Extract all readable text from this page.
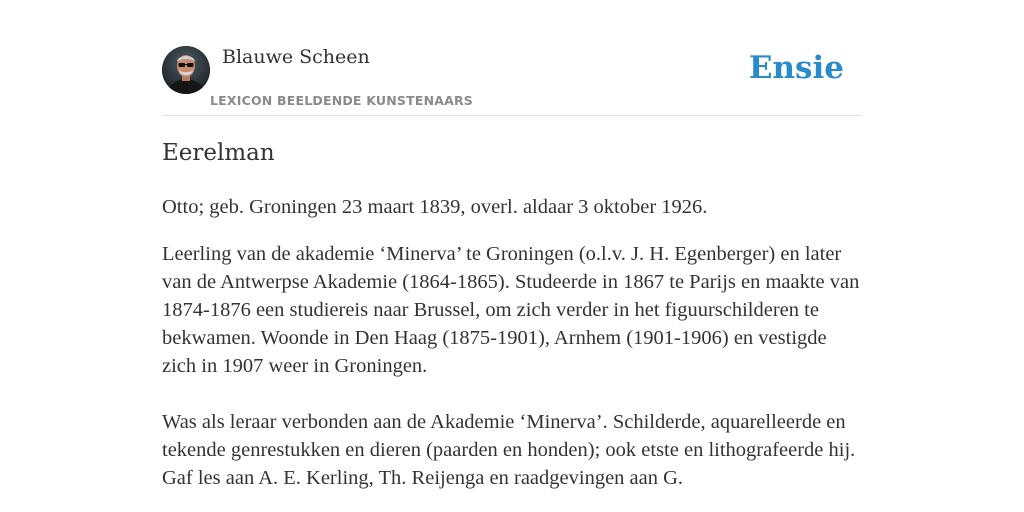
Blauwe Scheen
LEXICON BEELDENDE KUNSTENAARS
Ensie
Eerelman

Otto; geb. Groningen 23 maart 1839, overl. aldaar 3 oktober 1926.

Leerling van de akademie ‘Minerva’ te Groningen (o.l.v. J. H. Egenberger) en later van de Antwerpse Akademie (1864-1865). Studeerde in 1867 te Parijs en maakte van 1874-1876 een studiereis naar Brussel, om zich verder in het figuurschilderen te bekwamen. Woonde in Den Haag (1875-1901), Arnhem (1901-1906) en vestigde zich in 1907 weer in Groningen.

Was als leraar verbonden aan de Akademie ‘Minerva’. Schilderde, aquarelleerde en tekende genrestukken en dieren (paarden en honden); ook etste en lithografeerde hij. Gaf les aan A. E. Kerling, Th. Reijenga en raadgevingen aan G.
